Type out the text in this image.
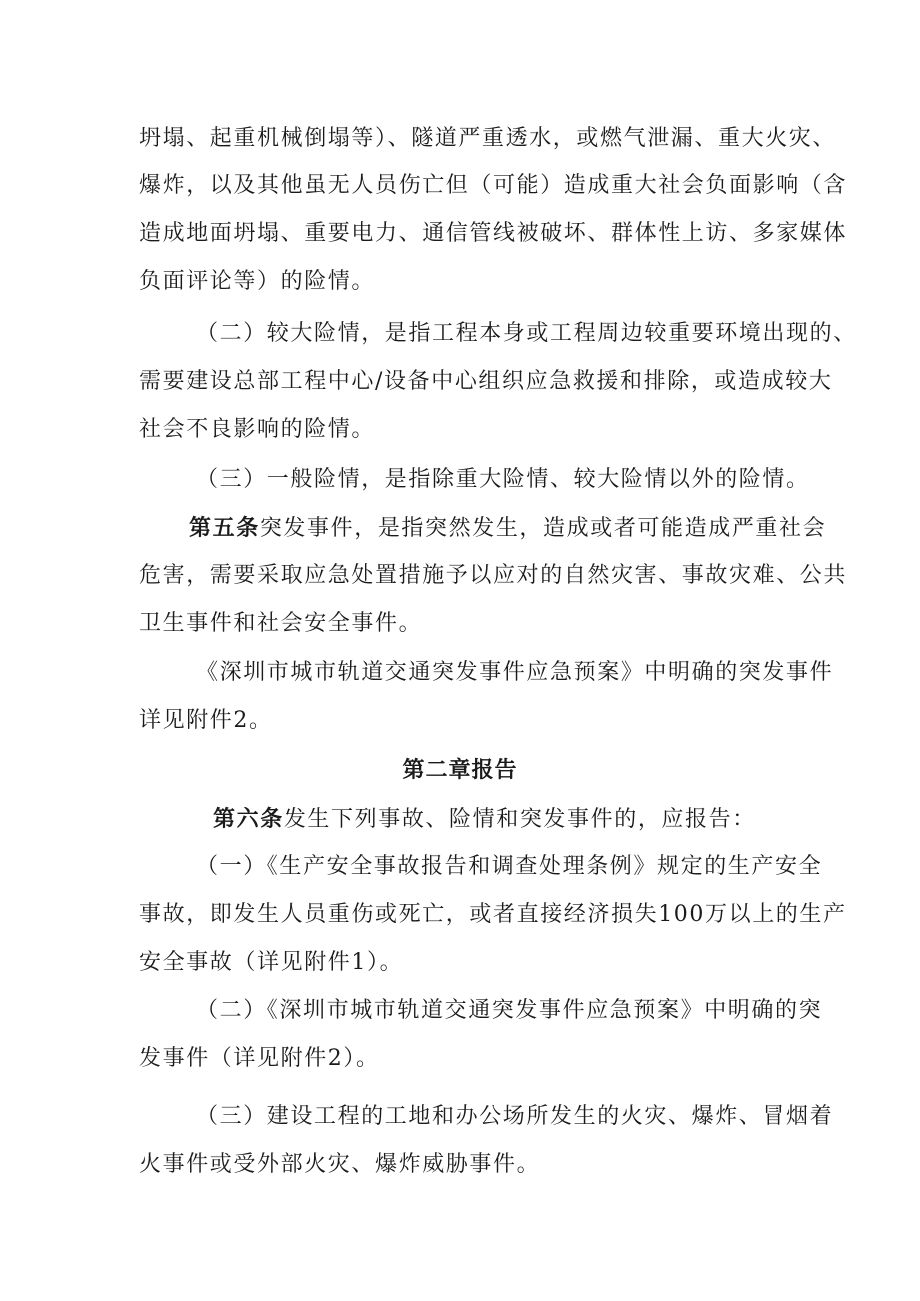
坍塌、起重机械倒塌等）、隧道严重透水，或燃气泄漏、重大火灾、
爆炸，以及其他虽无人员伤亡但（可能）造成重大社会负面影响（含
造成地面坍塌、重要电力、通信管线被破坏、群体性上访、多家媒体
负面评论等）的险情。
（二）较大险情，是指工程本身或工程周边较重要环境出现的、
需要建设总部工程中心/设备中心组织应急救援和排除，或造成较大
社会不良影响的险情。
（三）一般险情，是指除重大险情、较大险情以外的险情。
第五条突发事件，是指突然发生，造成或者可能造成严重社会
危害，需要采取应急处置措施予以应对的自然灾害、事故灾难、公共
卫生事件和社会安全事件。
《深圳市城市轨道交通突发事件应急预案》中明确的突发事件
详见附件2。
第二章报告
第六条发生下列事故、险情和突发事件的，应报告：
（一）《生产安全事故报告和调查处理条例》规定的生产安全
事故，即发生人员重伤或死亡，或者直接经济损失100万以上的生产
安全事故（详见附件1）。
（二）《深圳市城市轨道交通突发事件应急预案》中明确的突
发事件（详见附件2）。
（三）建设工程的工地和办公场所发生的火灾、爆炸、冒烟着
火事件或受外部火灾、爆炸威胁事件。
